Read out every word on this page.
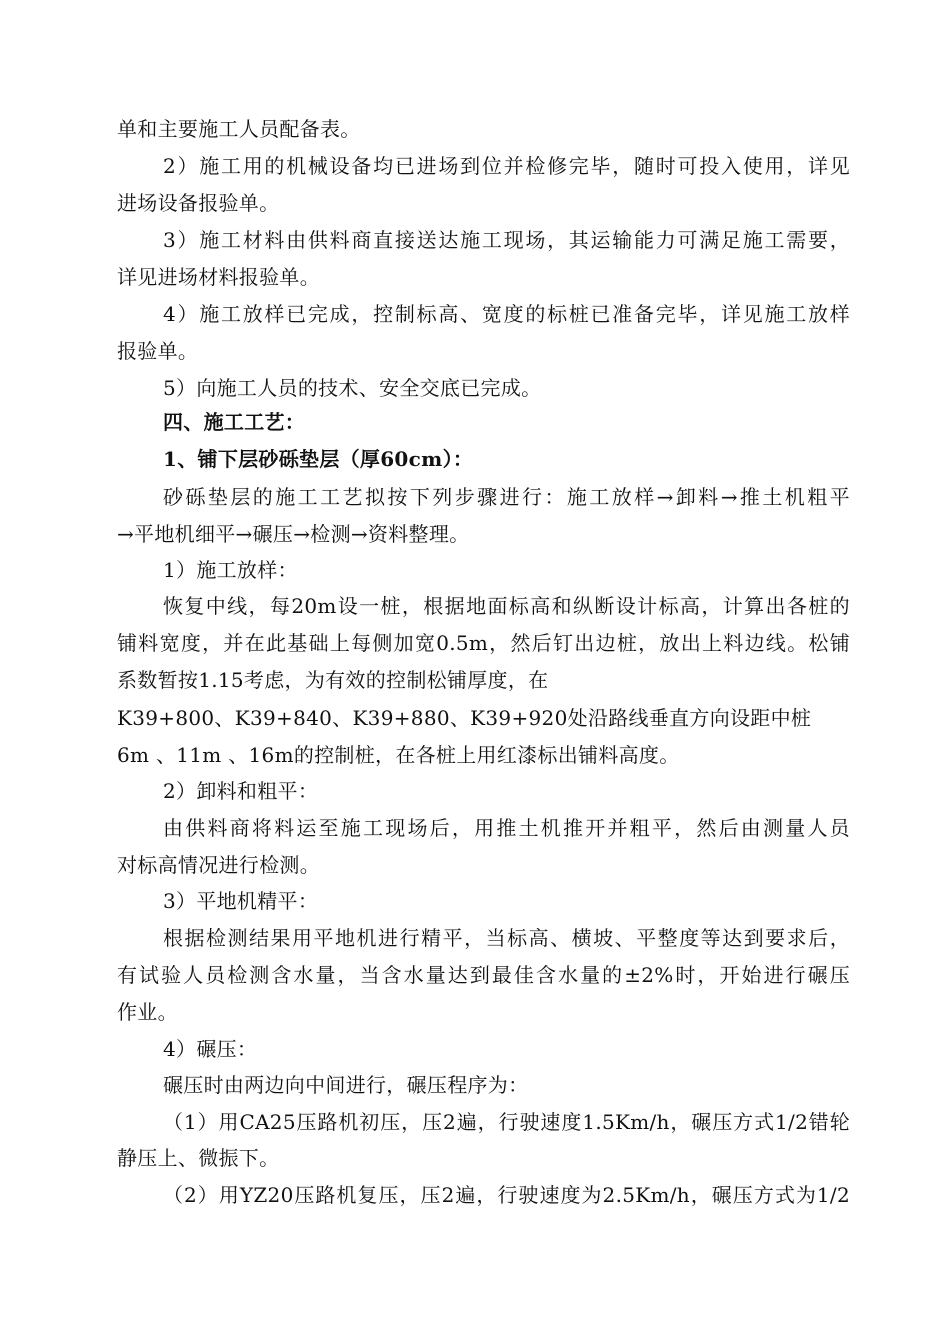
单和主要施工人员配备表。
2）施工用的机械设备均已进场到位并检修完毕，随时可投入使用，详见
进场设备报验单。
3）施工材料由供料商直接送达施工现场，其运输能力可满足施工需要，
详见进场材料报验单。
4）施工放样已完成，控制标高、宽度的标桩已准备完毕，详见施工放样
报验单。
5）向施工人员的技术、安全交底已完成。
四、施工工艺：
1、铺下层砂砾垫层（厚60cm）：
砂砾垫层的施工工艺拟按下列步骤进行：施工放样→卸料→推土机粗平
→平地机细平→碾压→检测→资料整理。
1）施工放样：
恢复中线，每20m设一桩，根据地面标高和纵断设计标高，计算出各桩的
铺料宽度，并在此基础上每侧加宽0.5m，然后钉出边桩，放出上料边线。松铺
系数暂按1.15考虑，为有效的控制松铺厚度，在
K39+800、K39+840、K39+880、K39+920处沿路线垂直方向设距中桩
6m 、11m 、16m的控制桩，在各桩上用红漆标出铺料高度。
2）卸料和粗平：
由供料商将料运至施工现场后，用推土机推开并粗平，然后由测量人员
对标高情况进行检测。
3）平地机精平：
根据检测结果用平地机进行精平，当标高、横坡、平整度等达到要求后，
有试验人员检测含水量，当含水量达到最佳含水量的±2%时，开始进行碾压
作业。
4）碾压：
碾压时由两边向中间进行，碾压程序为：
（1）用CA25压路机初压，压2遍，行驶速度1.5Km/h，碾压方式1/2错轮
静压上、微振下。
（2）用YZ20压路机复压，压2遍，行驶速度为2.5Km/h，碾压方式为1/2
